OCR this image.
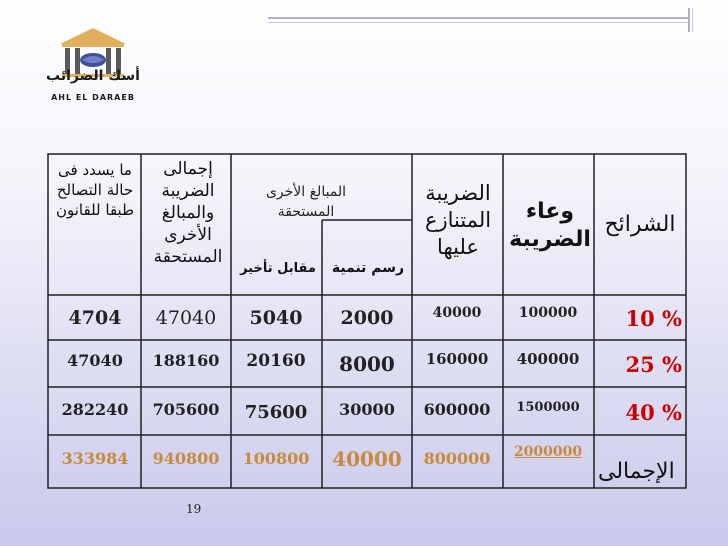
أسك الضرائب
AHL EL DARAEB
الشرائح
وعاء الضريبة
الضريبة المتنازع عليها
المبالغ الأخرى المستحقة
رسم تنمية
مقابل تأخير
إجمالى الضريبة والمبالغ الأخرى المستحقة
ما يسدد فى حالة التصالح طبقا للقانون
10 %
100000
40000
2000
5040
47040
4704
25 %
400000
160000
8000
20160
188160
47040
40 %
1500000
600000
30000
75600
705600
282240
الإجمالى
2000000
800000
40000
100800
940800
333984
19
